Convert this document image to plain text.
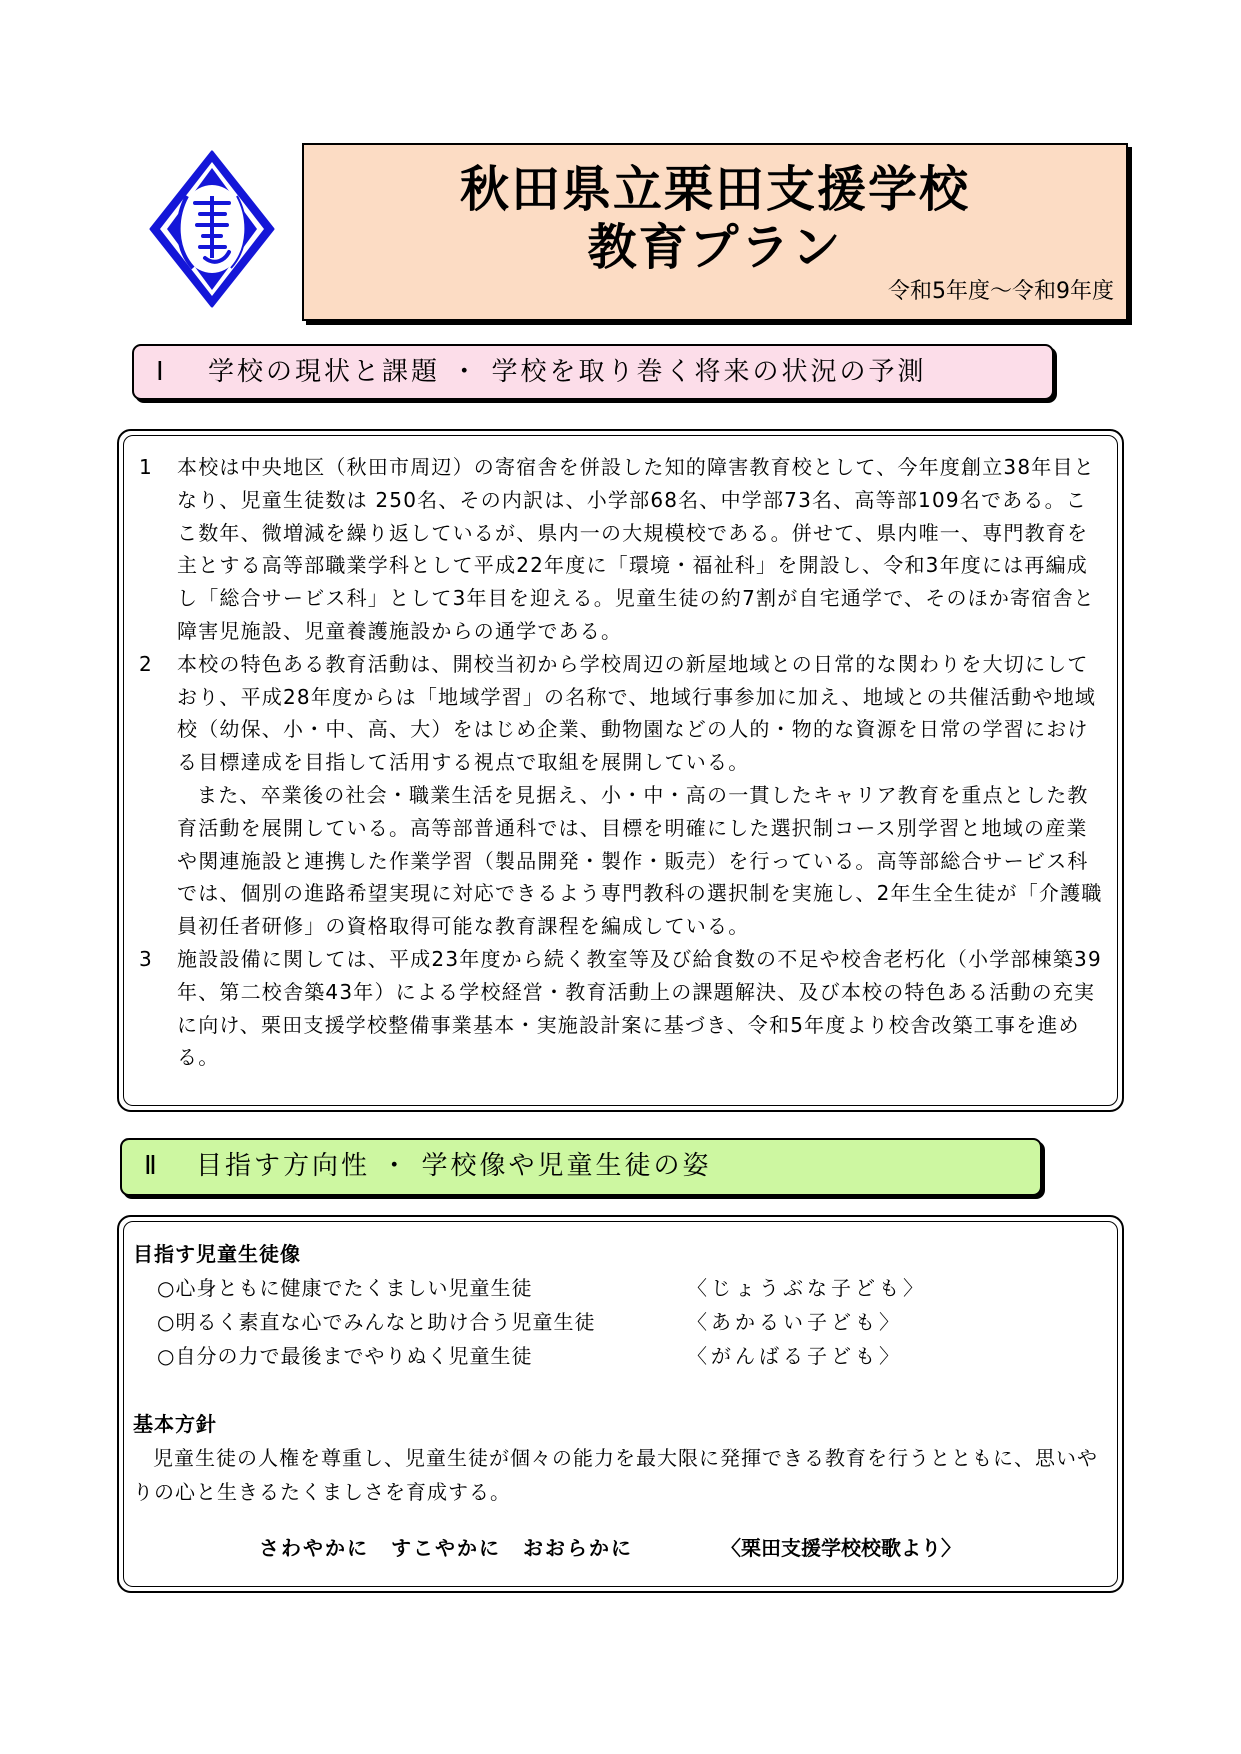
秋田県立栗田支援学校
教育プラン
令和5年度～令和9年度
Ⅰ 学校の現状と課題 ・ 学校を取り巻く将来の状況の予測
1	本校は中央地区（秋田市周辺）の寄宿舎を併設した知的障害教育校として、今年度創立38年目となり、児童生徒数は 250名、その内訳は、小学部68名、中学部73名、高等部109名である。ここ数年、微増減を繰り返しているが、県内一の大規模校である。併せて、県内唯一、専門教育を主とする高等部職業学科として平成22年度に「環境・福祉科」を開設し、令和3年度には再編成し「総合サービス科」として3年目を迎える。児童生徒の約7割が自宅通学で、そのほか寄宿舎と障害児施設、児童養護施設からの通学である。
2	本校の特色ある教育活動は、開校当初から学校周辺の新屋地域との日常的な関わりを大切にしており、平成28年度からは「地域学習」の名称で、地域行事参加に加え、地域との共催活動や地域校（幼保、小・中、高、大）をはじめ企業、動物園などの人的・物的な資源を日常の学習における目標達成を目指して活用する視点で取組を展開している。
また、卒業後の社会・職業生活を見据え、小・中・高の一貫したキャリア教育を重点とした教育活動を展開している。高等部普通科では、目標を明確にした選択制コース別学習と地域の産業や関連施設と連携した作業学習（製品開発・製作・販売）を行っている。高等部総合サービス科では、個別の進路希望実現に対応できるよう専門教科の選択制を実施し、2年生全生徒が「介護職員初任者研修」の資格取得可能な教育課程を編成している。
3	施設設備に関しては、平成23年度から続く教室等及び給食数の不足や校舎老朽化（小学部棟築39年、第二校舎築43年）による学校経営・教育活動上の課題解決、及び本校の特色ある活動の充実に向け、栗田支援学校整備事業基本・実施設計案に基づき、令和5年度より校舎改築工事を進める。
Ⅱ 目指す方向性 ・ 学校像や児童生徒の姿
目指す児童生徒像
○心身ともに健康でたくましい児童生徒	〈じょうぶな子ども〉
○明るく素直な心でみんなと助け合う児童生徒	〈あかるい子ども〉
○自分の力で最後までやりぬく児童生徒	〈がんばる子ども〉
基本方針
児童生徒の人権を尊重し、児童生徒が個々の能力を最大限に発揮できる教育を行うとともに、思いやりの心と生きるたくましさを育成する。
さわやかに　すこやかに　おおらかに	〈栗田支援学校校歌より〉
